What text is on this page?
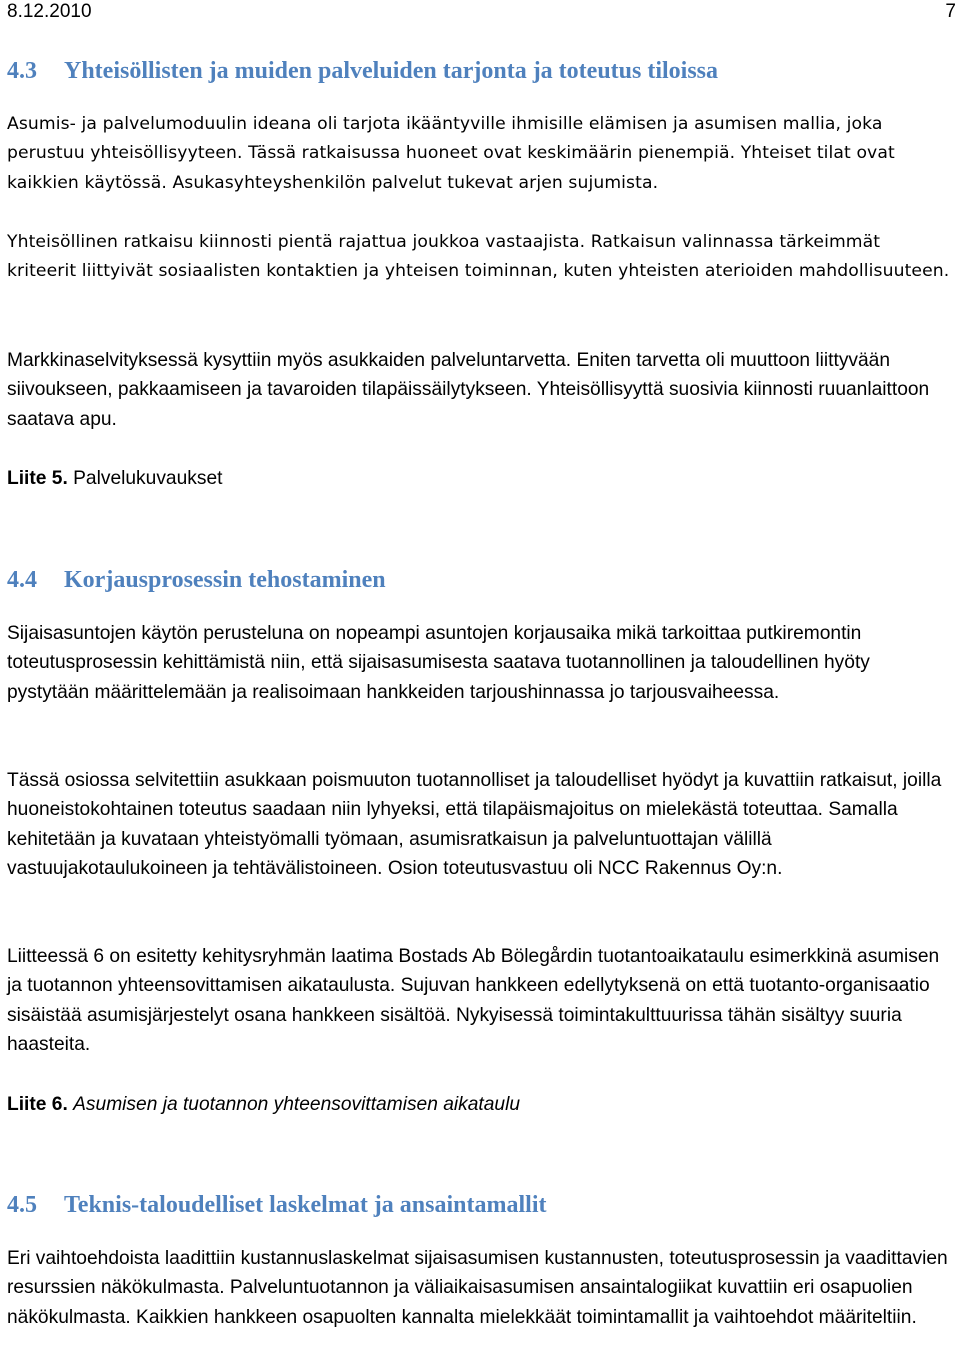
8.12.2010	7
4.3 Yhteisöllisten ja muiden palveluiden tarjonta ja toteutus tiloissa

Asumis- ja palvelumoduulin ideana oli tarjota ikääntyville ihmisille elämisen ja asumisen mallia, joka perustuu yhteisöllisyyteen. Tässä ratkaisussa huoneet ovat keskimäärin pienempiä. Yhteiset tilat ovat kaikkien käytössä. Asukasyhteyshenkilön palvelut tukevat arjen sujumista.

Yhteisöllinen ratkaisu kiinnosti pientä rajattua joukkoa vastaajista. Ratkaisun valinnassa tärkeimmät kriteerit liittyivät sosiaalisten kontaktien ja yhteisen toiminnan, kuten yhteisten aterioiden mahdollisuuteen.

Markkinaselvityksessä kysyttiin myös asukkaiden palveluntarvetta. Eniten tarvetta oli muuttoon liittyvään siivoukseen, pakkaamiseen ja tavaroiden tilapäissäilytykseen. Yhteisöllisyyttä suosivia kiinnosti ruuanlaittoon saatava apu.

Liite 5. Palvelukuvaukset
4.4 Korjausprosessin tehostaminen

Sijaisasuntojen käytön perusteluna on nopeampi asuntojen korjausaika mikä tarkoittaa putkiremontin toteutusprosessin kehittämistä niin, että sijaisasumisesta saatava tuotannollinen ja taloudellinen hyöty pystytään määrittelemään ja realisoimaan hankkeiden tarjoushinnassa jo tarjousvaiheessa.

Tässä osiossa selvitettiin asukkaan poismuuton tuotannolliset ja taloudelliset hyödyt ja kuvattiin ratkaisut, joilla huoneistokohtainen toteutus saadaan niin lyhyeksi, että tilapäismajoitus on mielekästä toteuttaa. Samalla kehitetään ja kuvataan yhteistyömalli työmaan, asumisratkaisun ja palveluntuottajan välillä vastuujakotaulukoineen ja tehtävälistoineen. Osion toteutusvastuu oli NCC Rakennus Oy:n.

Liitteessä 6 on esitetty kehitysryhmän laatima Bostads Ab Bölegårdin tuotantoaikataulu esimerkkinä asumisen ja tuotannon yhteensovittamisen aikataulusta. Sujuvan hankkeen edellytyksenä on että tuotanto-organisaatio sisäistää asumisjärjestelyt osana hankkeen sisältöä. Nykyisessä toimintakulttuurissa tähän sisältyy suuria haasteita.

Liite 6. Asumisen ja tuotannon yhteensovittamisen aikataulu
4.5 Teknis-taloudelliset laskelmat ja ansaintamallit

Eri vaihtoehdoista laadittiin kustannuslaskelmat sijaisasumisen kustannusten, toteutusprosessin ja vaadittavien resurssien näkökulmasta. Palveluntuotannon ja väliaikaisasumisen ansaintalogiikat kuvattiin eri osapuolien näkökulmasta. Kaikkien hankkeen osapuolten kannalta mielekkäät toimintamallit ja vaihtoehdot määriteltiin.
